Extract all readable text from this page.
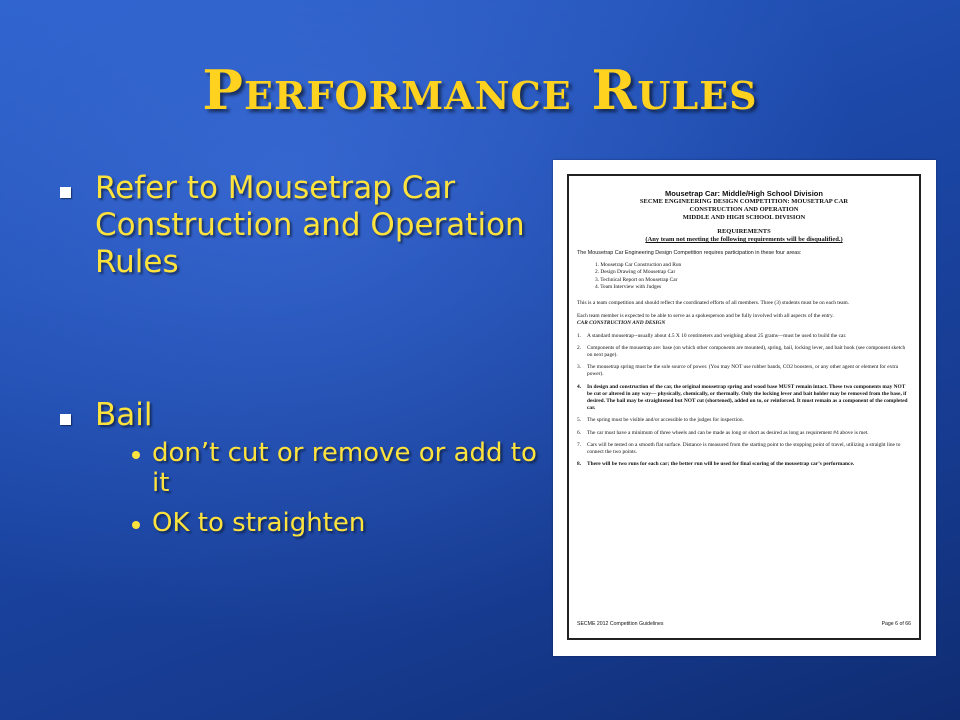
Performance Rules
Refer to Mousetrap Car Construction and Operation Rules
Bail
don’t cut or remove or add to it
OK to straighten
Mousetrap Car: Middle/High School Division
SECME ENGINEERING DESIGN COMPETITION: MOUSETRAP CAR
CONSTRUCTION AND OPERATION
MIDDLE AND HIGH SCHOOL DIVISION
REQUIREMENTS
(Any team not meeting the following requirements will be disqualified.)
The Mousetrap Car Engineering Design Competition requires participation in these four areas:
1. Mousetrap Car Construction and Run
2. Design Drawing of Mousetrap Car
3. Technical Report on Mousetrap Car
4. Team Interview with Judges
This is a team competition and should reflect the coordinated efforts of all members. Three (3) students must be on each team.
Each team member is expected to be able to serve as a spokesperson and be fully involved with all aspects of the entry.
CAR CONSTRUCTION AND DESIGN
1.	A standard mousetrap--usually about 4.5 X 10 centimeters and weighing about 25 grams—must be used to build the car.
2.	Components of the mousetrap are: base (on which other components are mounted), spring, bail, locking lever, and bait hook (see component sketch on next page).
3.	The mousetrap spring must be the sole source of power. (You may NOT use rubber bands, CO2 boosters, or any other agent or element for extra power).
4.	In design and construction of the car, the original mousetrap spring and wood base MUST remain intact. These two components may NOT be cut or altered in any way— physically, chemically, or thermally. Only the locking lever and bait holder may be removed from the base, if desired. The bail may be straightened but NOT cut (shortened), added on to, or reinforced. It must remain as a component of the completed car.
5.	The spring must be visible and/or accessible to the judges for inspection.
6.	The car must have a minimum of three wheels and can be made as long or short as desired as long as requirement #4 above is met.
7.	Cars will be tested on a smooth flat surface. Distance is measured from the starting point to the stopping point of travel, utilizing a straight line to connect the two points.
8.	There will be two runs for each car; the better run will be used for final scoring of the mousetrap car’s performance.
SECME 2012 Competition Guidelines	Page 6 of 66
